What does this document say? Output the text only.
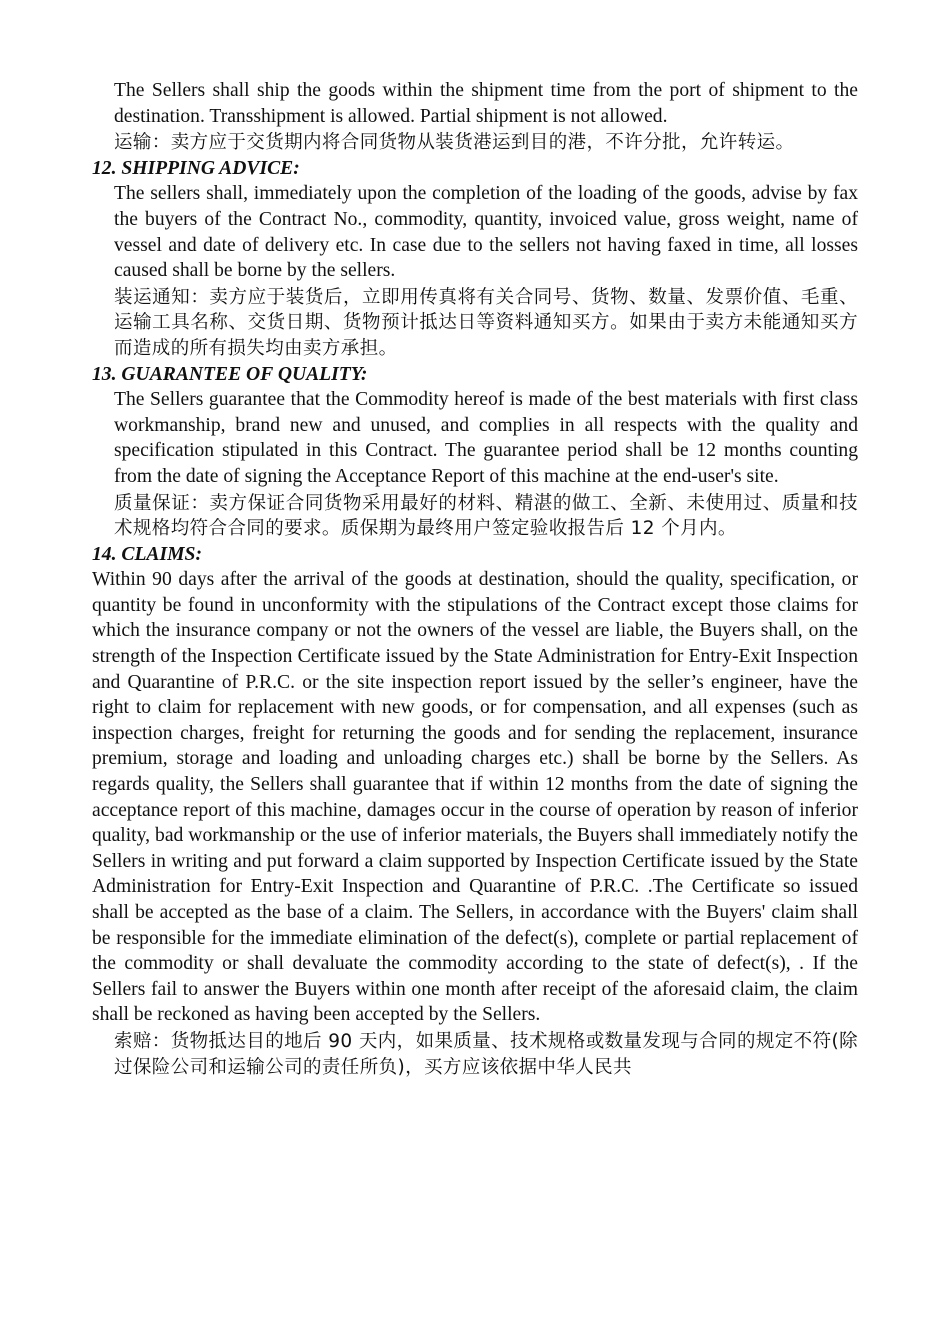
The Sellers shall ship the goods within the shipment time from the port of shipment to the destination. Transshipment is allowed. Partial shipment is not allowed.

运输：卖方应于交货期内将合同货物从装货港运到目的港，不许分批，允许转运。

12. SHIPPING ADVICE:

The sellers shall, immediately upon the completion of the loading of the goods, advise by fax the buyers of the Contract No., commodity, quantity, invoiced value, gross weight, name of vessel and date of delivery etc. In case due to the sellers not having faxed in time, all losses caused shall be borne by the sellers.

装运通知：卖方应于装货后，立即用传真将有关合同号、货物、数量、发票价值、毛重、运输工具名称、交货日期、货物预计抵达日等资料通知买方。如果由于卖方未能通知买方而造成的所有损失均由卖方承担。

13. GUARANTEE OF QUALITY:

The Sellers guarantee that the Commodity hereof is made of the best materials with first class workmanship, brand new and unused, and complies in all respects with the quality and specification stipulated in this Contract. The guarantee period shall be 12 months counting from the date of signing the Acceptance Report of this machine at the end-user's site.

质量保证：卖方保证合同货物采用最好的材料、精湛的做工、全新、未使用过、质量和技术规格均符合合同的要求。质保期为最终用户签定验收报告后 12 个月内。

14. CLAIMS:

Within 90 days after the arrival of the goods at destination, should the quality, specification, or quantity be found in unconformity with the stipulations of the Contract except those claims for which the insurance company or not the owners of the vessel are liable, the Buyers shall, on the strength of the Inspection Certificate issued by the State Administration for Entry-Exit Inspection and Quarantine of P.R.C. or the site inspection report issued by the seller’s engineer, have the right to claim for replacement with new goods, or for compensation, and all expenses (such as inspection charges, freight for returning the goods and for sending the replacement, insurance premium, storage and loading and unloading charges etc.) shall be borne by the Sellers. As regards quality, the Sellers shall guarantee that if within 12 months from the date of signing the acceptance report of this machine, damages occur in the course of operation by reason of inferior quality, bad workmanship or the use of inferior materials, the Buyers shall immediately notify the Sellers in writing and put forward a claim supported by Inspection Certificate issued by the State Administration for Entry-Exit Inspection and Quarantine of P.R.C. .The Certificate so issued shall be accepted as the base of a claim. The Sellers, in accordance with the Buyers' claim shall be responsible for the immediate elimination of the defect(s), complete or partial replacement of the commodity or shall devaluate the commodity according to the state of defect(s), . If the Sellers fail to answer the Buyers within one month after receipt of the aforesaid claim, the claim shall be reckoned as having been accepted by the Sellers.

索赔：货物抵达目的地后 90 天内，如果质量、技术规格或数量发现与合同的规定不符(除过保险公司和运输公司的责任所负)，买方应该依据中华人民共
